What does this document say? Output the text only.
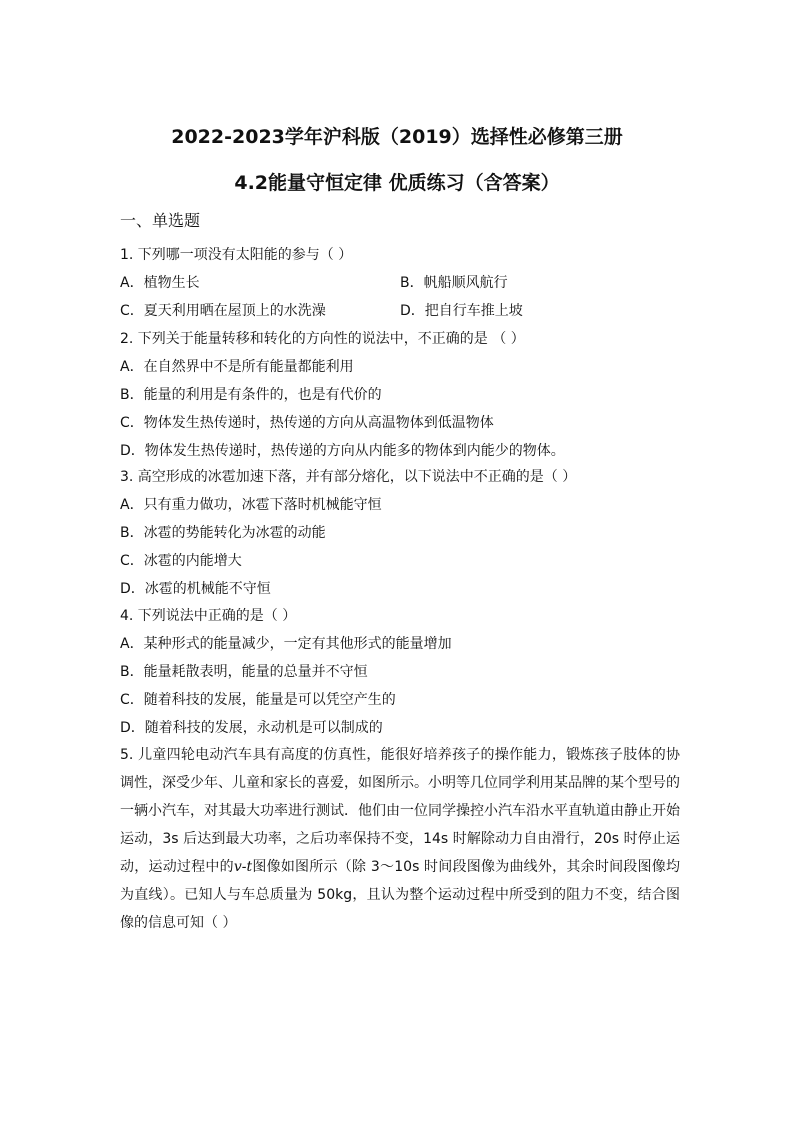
2022-2023学年沪科版（2019）选择性必修第三册
4.2能量守恒定律 优质练习（含答案）
一、单选题
1. 下列哪一项没有太阳能的参与（ ）
A．植物生长	B．帆船顺风航行
C．夏天利用晒在屋顶上的水洗澡	D．把自行车推上坡
2. 下列关于能量转移和转化的方向性的说法中，不正确的是 （ ）
A．在自然界中不是所有能量都能利用
B．能量的利用是有条件的，也是有代价的
C．物体发生热传递时，热传递的方向从高温物体到低温物体
D．物体发生热传递时，热传递的方向从内能多的物体到内能少的物体。
3. 高空形成的冰雹加速下落，并有部分熔化，以下说法中不正确的是（ ）
A．只有重力做功，冰雹下落时机械能守恒
B．冰雹的势能转化为冰雹的动能
C．冰雹的内能增大
D．冰雹的机械能不守恒
4. 下列说法中正确的是（ ）
A．某种形式的能量减少，一定有其他形式的能量增加
B．能量耗散表明，能量的总量并不守恒
C．随着科技的发展，能量是可以凭空产生的
D．随着科技的发展，永动机是可以制成的
5. 儿童四轮电动汽车具有高度的仿真性，能很好培养孩子的操作能力，锻炼孩子肢体的协调性，深受少年、儿童和家长的喜爱，如图所示。小明等几位同学利用某品牌的某个型号的一辆小汽车，对其最大功率进行测试．他们由一位同学操控小汽车沿水平直轨道由静止开始运动，3s 后达到最大功率，之后功率保持不变，14s 时解除动力自由滑行，20s 时停止运动，运动过程中的v-t图像如图所示（除 3～10s 时间段图像为曲线外，其余时间段图像均为直线）。已知人与车总质量为 50kg，且认为整个运动过程中所受到的阻力不变，结合图像的信息可知（ ）
